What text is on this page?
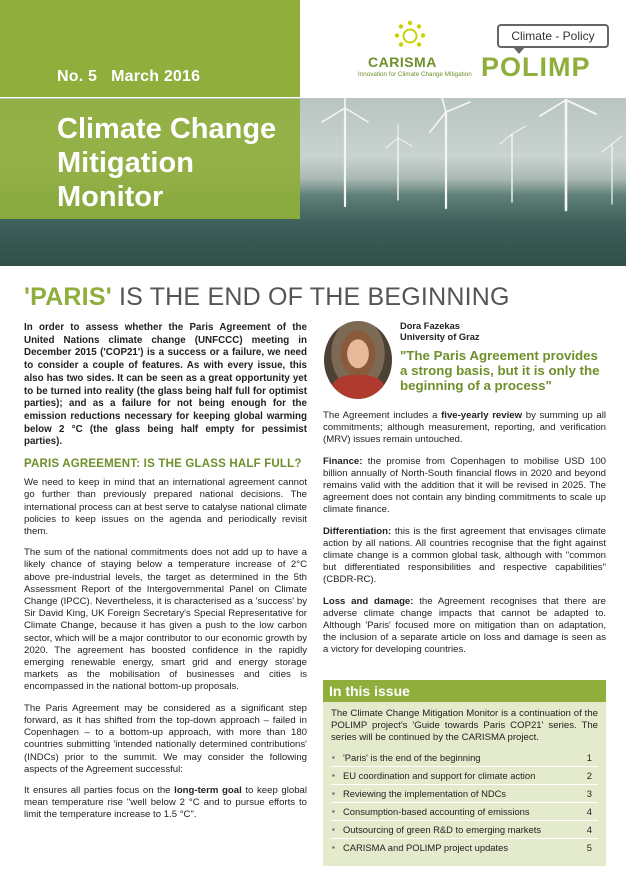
No. 5 March 2016
Climate Change
Mitigation
Monitor
CARISMA
Innovation for Climate Change Mitigation
Climate - Policy
POLIMP
'PARIS' IS THE END OF THE BEGINNING

In order to assess whether the Paris Agreement of the United Nations climate change (UNFCCC) meeting in December 2015 ('COP21') is a success or a failure, we need to consider a couple of features. As with every issue, this also has two sides. It can be seen as a great opportunity yet to be turned into reality (the glass being half full for optimist parties); and as a failure for not being enough for the emission reductions necessary for keeping global warming below 2 °C (the glass being half empty for pessimist parties).

PARIS AGREEMENT: IS THE GLASS HALF FULL?

We need to keep in mind that an international agreement cannot go further than previously prepared national decisions. The international process can at best serve to catalyse national climate policies to keep issues on the agenda and periodically revisit them.

The sum of the national commitments does not add up to have a likely chance of staying below a temperature increase of 2°C above pre-industrial levels, the target as determined in the 5th Assessment Report of the Intergovernmental Panel on Climate Change (IPCC). Nevertheless, it is characterised as a 'success' by Sir David King, UK Foreign Secretary's Special Representative for Climate Change, because it has given a push to the low carbon sector, which will be a major contributor to our economic growth by 2020. The agreement has boosted confidence in the rapidly emerging renewable energy, smart grid and energy storage markets as the mobilisation of businesses and cities is encompassed in the national bottom-up proposals.

The Paris Agreement may be considered as a significant step forward, as it has shifted from the top-down approach – failed in Copenhagen – to a bottom-up approach, with more than 180 countries submitting 'intended nationally determined contributions' (INDCs) prior to the summit. We may consider the following aspects of the Agreement successful:

It ensures all parties focus on the long-term goal to keep global mean temperature rise "well below 2 °C and to pursue efforts to limit the temperature increase to 1.5 °C".

Dora Fazekas
University of Graz
"The Paris Agreement provides a strong basis, but it is only the beginning of a process"

The Agreement includes a five-yearly review by summing up all commitments; although measurement, reporting, and verification (MRV) issues remain untouched.

Finance: the promise from Copenhagen to mobilise USD 100 billion annually of North-South financial flows in 2020 and beyond remains valid with the addition that it will be revised in 2025. The agreement does not contain any binding commitments to scale up climate finance.

Differentiation: this is the first agreement that envisages climate action by all nations. All countries recognise that the fight against climate change is a common global task, although with "common but differentiated responsibilities and respective capabilities" (CBDR-RC).

Loss and damage: the Agreement recognises that there are adverse climate change impacts that cannot be adapted to. Although 'Paris' focused more on mitigation than on adaptation, the inclusion of a separate article on loss and damage is seen as a victory for developing countries.

In this issue
The Climate Change Mitigation Monitor is a continuation of the POLIMP project's 'Guide towards Paris COP21' series. The series will be continued by the CARISMA project.
▪ 'Paris' is the end of the beginning	1
▪ EU coordination and support for climate action	2
▪ Reviewing the implementation of NDCs	3
▪ Consumption-based accounting of emissions	4
▪ Outsourcing of green R&D to emerging markets	4
▪ CARISMA and POLIMP project updates	5
